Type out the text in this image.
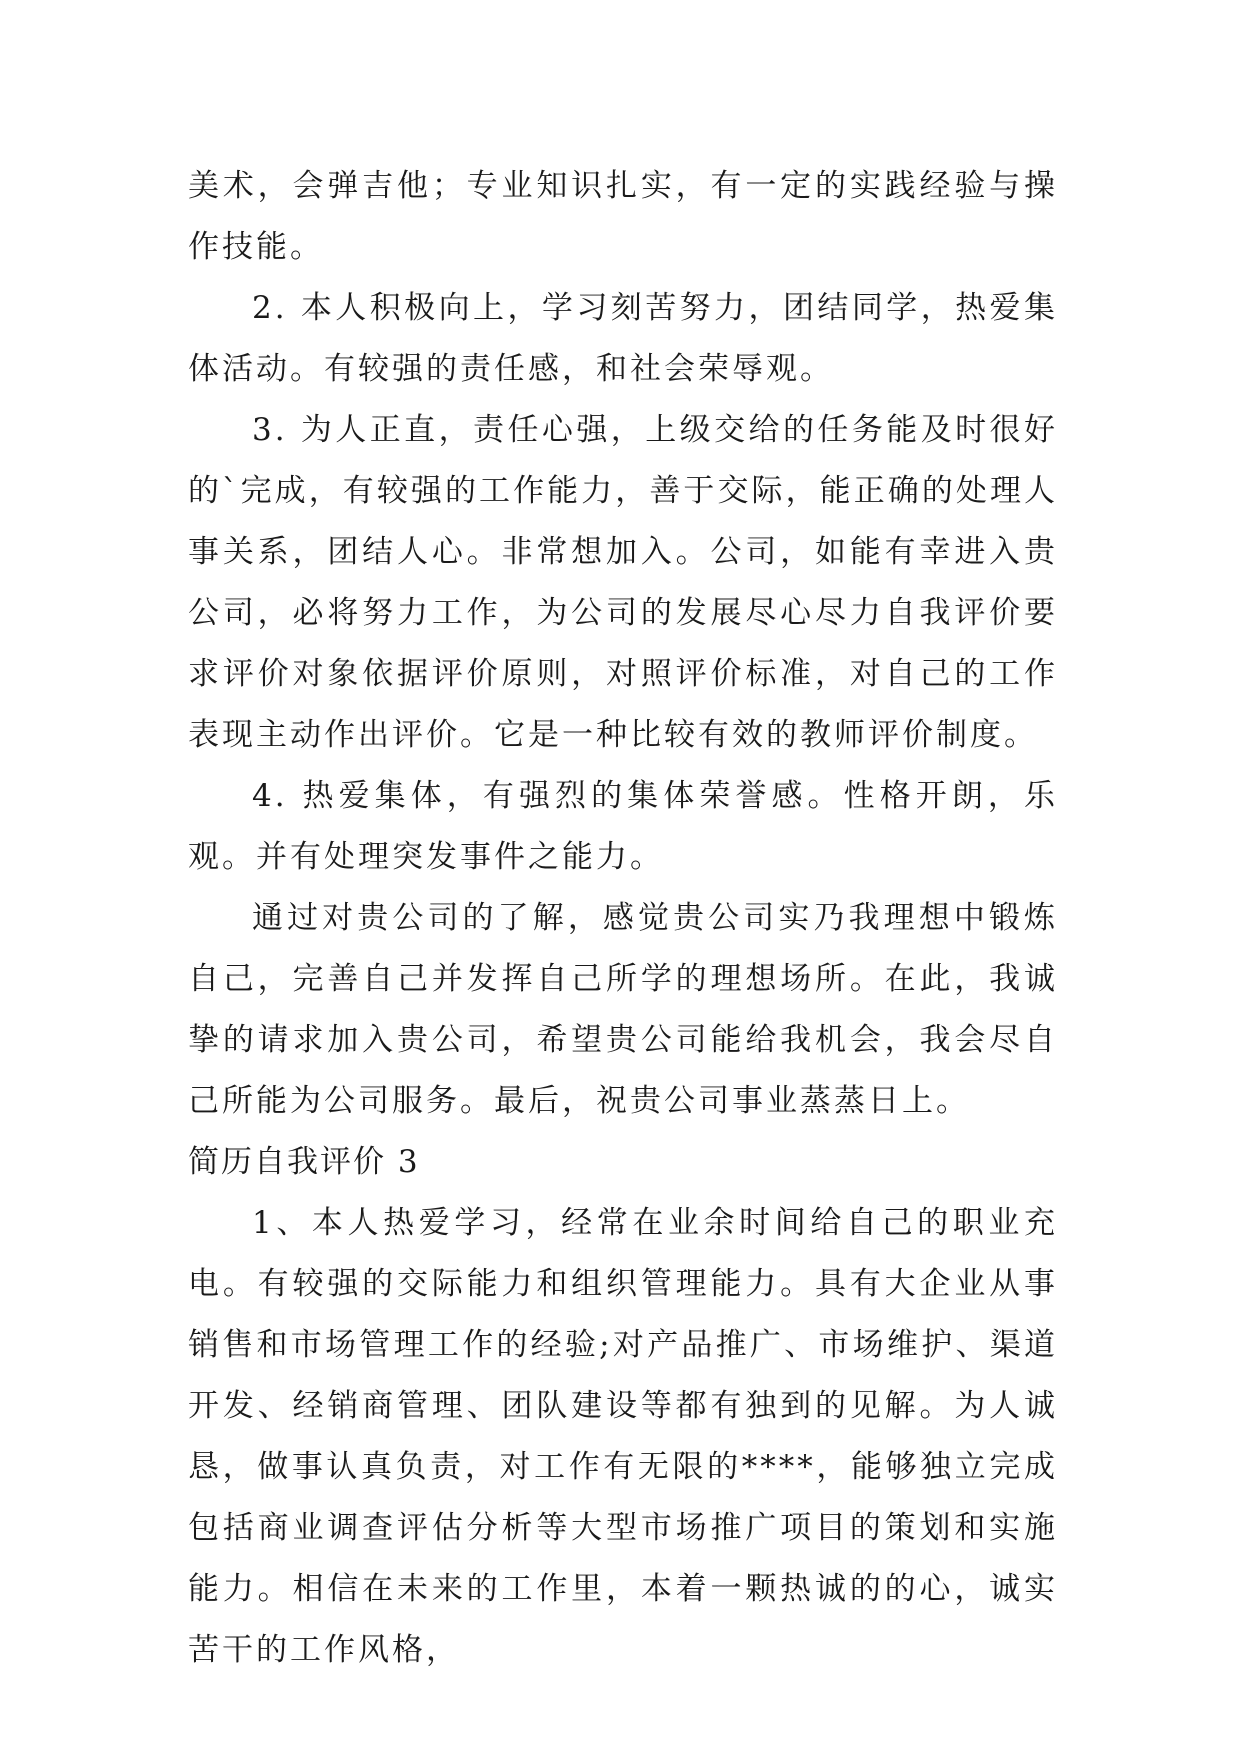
美术，会弹吉他；专业知识扎实，有一定的实践经验与操作技能。

2. 本人积极向上，学习刻苦努力，团结同学，热爱集体活动。有较强的责任感，和社会荣辱观。

3. 为人正直，责任心强，上级交给的任务能及时很好的`完成，有较强的工作能力，善于交际，能正确的处理人事关系，团结人心。非常想加入。公司，如能有幸进入贵公司，必将努力工作，为公司的发展尽心尽力自我评价要求评价对象依据评价原则，对照评价标准，对自己的工作表现主动作出评价。它是一种比较有效的教师评价制度。

4. 热爱集体，有强烈的集体荣誉感。性格开朗，乐观。并有处理突发事件之能力。

通过对贵公司的了解，感觉贵公司实乃我理想中锻炼自己，完善自己并发挥自己所学的理想场所。在此，我诚挚的请求加入贵公司，希望贵公司能给我机会，我会尽自己所能为公司服务。最后，祝贵公司事业蒸蒸日上。

简历自我评价 3

1、本人热爱学习，经常在业余时间给自己的职业充电。有较强的交际能力和组织管理能力。具有大企业从事销售和市场管理工作的经验;对产品推广、市场维护、渠道开发、经销商管理、团队建设等都有独到的见解。为人诚恳，做事认真负责，对工作有无限的****，能够独立完成包括商业调查评估分析等大型市场推广项目的策划和实施能力。相信在未来的工作里，本着一颗热诚的的心，诚实苦干的工作风格，
